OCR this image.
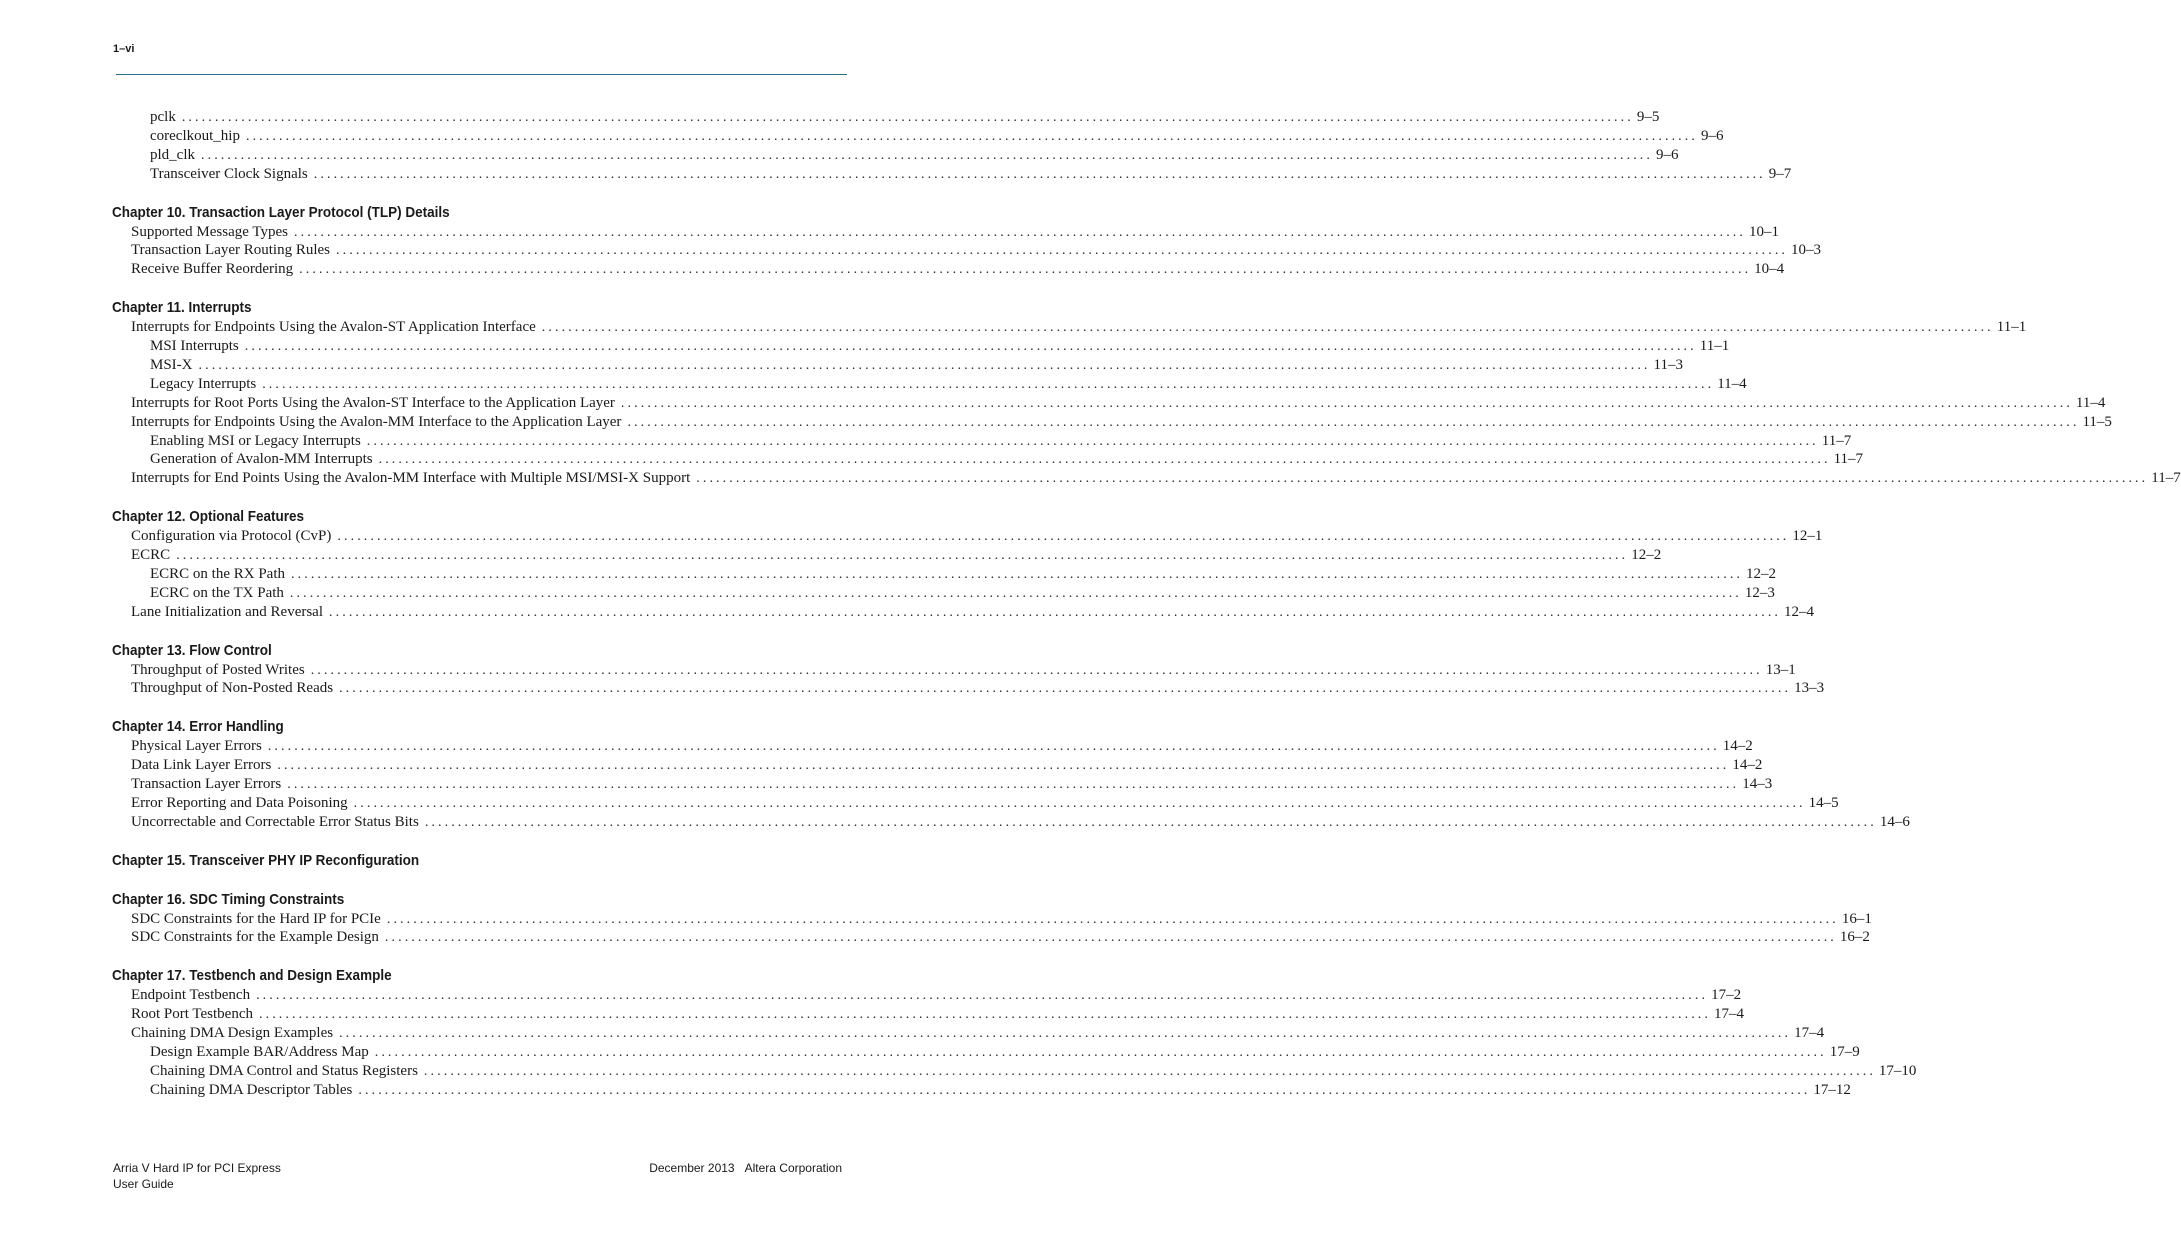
1–vi
pclk ............................................................................................................................................................................................................................ 9–5
coreclkout_hip ............................................................................................................................................................................................................................ 9–6
pld_clk ............................................................................................................................................................................................................................ 9–6
Transceiver Clock Signals ............................................................................................................................................................................................................................ 9–7
Chapter 10. Transaction Layer Protocol (TLP) Details
Supported Message Types ............................................................................................................................................................................................................................ 10–1
Transaction Layer Routing Rules ............................................................................................................................................................................................................................ 10–3
Receive Buffer Reordering ............................................................................................................................................................................................................................ 10–4
Chapter 11. Interrupts
Interrupts for Endpoints Using the Avalon-ST Application Interface ............................................................................................................................................................................................................................ 11–1
MSI Interrupts ............................................................................................................................................................................................................................ 11–1
MSI-X ............................................................................................................................................................................................................................ 11–3
Legacy Interrupts ............................................................................................................................................................................................................................ 11–4
Interrupts for Root Ports Using the Avalon-ST Interface to the Application Layer ............................................................................................................................................................................................................................ 11–4
Interrupts for Endpoints Using the Avalon-MM Interface to the Application Layer ............................................................................................................................................................................................................................ 11–5
Enabling MSI or Legacy Interrupts ............................................................................................................................................................................................................................ 11–7
Generation of Avalon-MM Interrupts ............................................................................................................................................................................................................................ 11–7
Interrupts for End Points Using the Avalon-MM Interface with Multiple MSI/MSI-X Support ............................................................................................................................................................................................................................ 11–7
Chapter 12. Optional Features
Configuration via Protocol (CvP) ............................................................................................................................................................................................................................ 12–1
ECRC ............................................................................................................................................................................................................................ 12–2
ECRC on the RX Path ............................................................................................................................................................................................................................ 12–2
ECRC on the TX Path ............................................................................................................................................................................................................................ 12–3
Lane Initialization and Reversal ............................................................................................................................................................................................................................ 12–4
Chapter 13. Flow Control
Throughput of Posted Writes ............................................................................................................................................................................................................................ 13–1
Throughput of Non-Posted Reads ............................................................................................................................................................................................................................ 13–3
Chapter 14. Error Handling
Physical Layer Errors ............................................................................................................................................................................................................................ 14–2
Data Link Layer Errors ............................................................................................................................................................................................................................ 14–2
Transaction Layer Errors ............................................................................................................................................................................................................................ 14–3
Error Reporting and Data Poisoning ............................................................................................................................................................................................................................ 14–5
Uncorrectable and Correctable Error Status Bits ............................................................................................................................................................................................................................ 14–6
Chapter 15. Transceiver PHY IP Reconfiguration
Chapter 16. SDC Timing Constraints
SDC Constraints for the Hard IP for PCIe ............................................................................................................................................................................................................................ 16–1
SDC Constraints for the Example Design ............................................................................................................................................................................................................................ 16–2
Chapter 17. Testbench and Design Example
Endpoint Testbench ............................................................................................................................................................................................................................ 17–2
Root Port Testbench ............................................................................................................................................................................................................................ 17–4
Chaining DMA Design Examples ............................................................................................................................................................................................................................ 17–4
Design Example BAR/Address Map ............................................................................................................................................................................................................................ 17–9
Chaining DMA Control and Status Registers ............................................................................................................................................................................................................................ 17–10
Chaining DMA Descriptor Tables ............................................................................................................................................................................................................................ 17–12
Arria V Hard IP for PCI Express
User Guide
December 2013 Altera Corporation
